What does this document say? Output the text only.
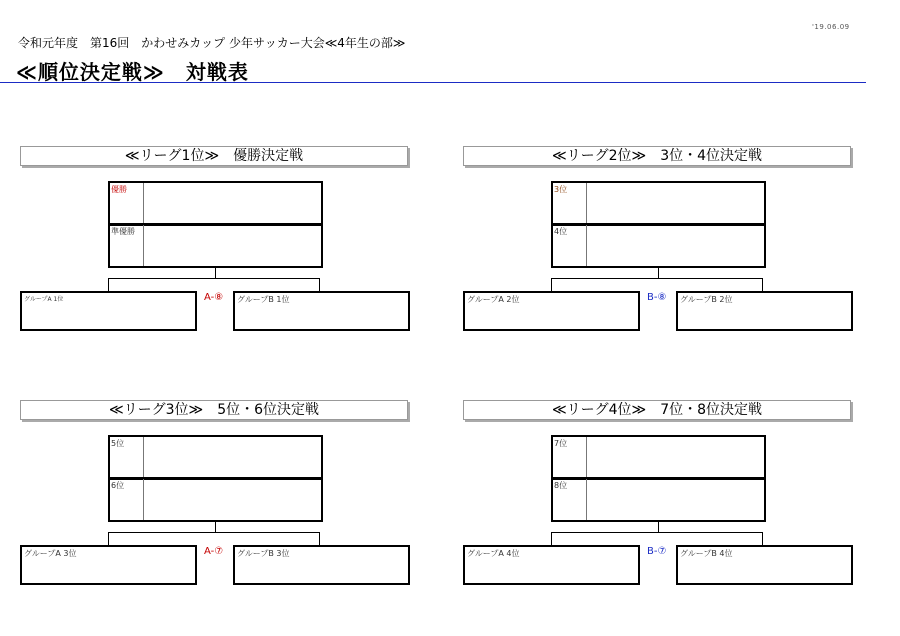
'19.06.09
令和元年度　第16回　かわせみカップ 少年サッカー大会≪4年生の部≫
≪順位決定戦≫　対戦表
≪リーグ1位≫　優勝決定戦
優勝
準優勝
グループA 1位	A-⑧ グループB 1位
≪リーグ2位≫　3位・4位決定戦
3位
4位
グループA 2位	B-⑧ グループB 2位
≪リーグ3位≫　5位・6位決定戦
5位
6位
グループA 3位	A-⑦ グループB 3位
≪リーグ4位≫　7位・8位決定戦
7位
8位
グループA 4位	B-⑦ グループB 4位
